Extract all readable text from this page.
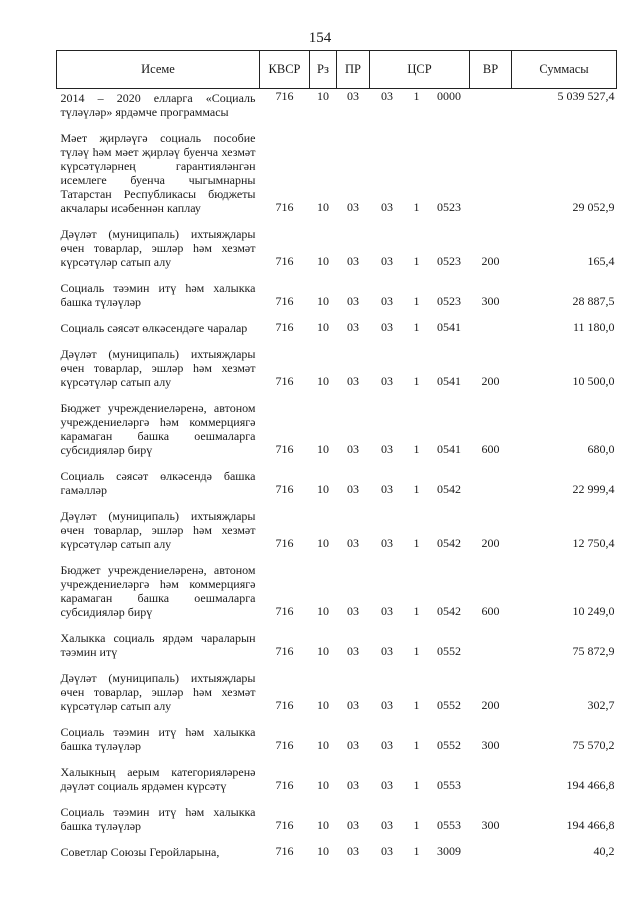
154
Исеме	КВСР	Рз	ПР	ЦСР			ВР	Суммасы
2014 – 2020 елларга «Социаль түләүләр» ярдәмче программасы	716	10	03	03	1	0000		5 039 527,4

Мәет җирләүгә социаль пособие түләү һәм мәет җирләү буенча хезмәт күрсәтүләрнең гарантияләнгән исемлеге буенча чыгымнарны Татарстан Республикасы бюджеты акчалары исәбеннән каплау	716	10	03	03	1	0523		29 052,9

Дәүләт (муниципаль) ихтыяҗлары өчен товарлар, эшләр һәм хезмәт күрсәтүләр сатып алу	716	10	03	03	1	0523	200	165,4

Социаль тәэмин итү һәм халыкка башка түләүләр	716	10	03	03	1	0523	300	28 887,5

Социаль сәясәт өлкәсендәге чаралар	716	10	03	03	1	0541		11 180,0

Дәүләт (муниципаль) ихтыяҗлары өчен товарлар, эшләр һәм хезмәт күрсәтүләр сатып алу	716	10	03	03	1	0541	200	10 500,0

Бюджет учреждениеләренә, автоном учреждениеләргә һәм коммерциягә карамаган башка оешмаларга субсидияләр бирү	716	10	03	03	1	0541	600	680,0

Социаль сәясәт өлкәсендә башка гамәлләр	716	10	03	03	1	0542		22 999,4

Дәүләт (муниципаль) ихтыяҗлары өчен товарлар, эшләр һәм хезмәт күрсәтүләр сатып алу	716	10	03	03	1	0542	200	12 750,4

Бюджет учреждениеләренә, автоном учреждениеләргә һәм коммерциягә карамаган башка оешмаларга субсидияләр бирү	716	10	03	03	1	0542	600	10 249,0

Халыкка социаль ярдәм чараларын тәэмин итү	716	10	03	03	1	0552		75 872,9

Дәүләт (муниципаль) ихтыяҗлары өчен товарлар, эшләр һәм хезмәт күрсәтүләр сатып алу	716	10	03	03	1	0552	200	302,7

Социаль тәэмин итү һәм халыкка башка түләүләр	716	10	03	03	1	0552	300	75 570,2

Халыкның аерым категорияләренә дәүләт социаль ярдәмен күрсәтү	716	10	03	03	1	0553		194 466,8

Социаль тәэмин итү һәм халыкка башка түләүләр	716	10	03	03	1	0553	300	194 466,8

Советлар Союзы Геройларына,	716	10	03	03	1	3009		40,2
